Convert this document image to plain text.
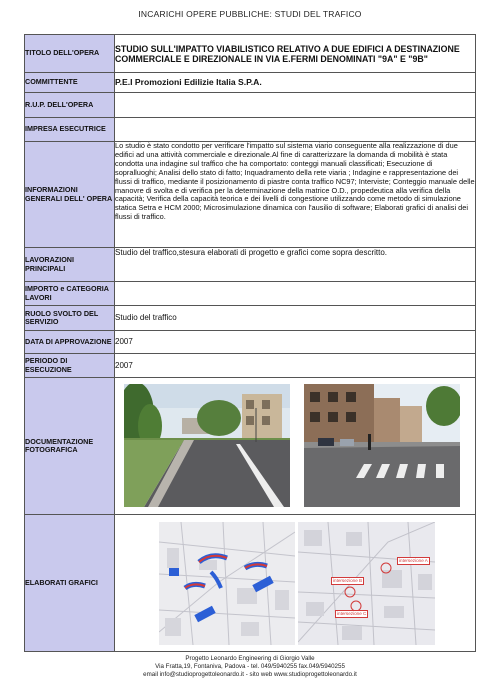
INCARICHI OPERE PUBBLICHE: STUDI DEL TRAFICO
TITOLO DELL'OPERA	STUDIO SULL'IMPATTO VIABILISTICO RELATIVO A DUE EDIFICI A DESTINAZIONE COMMERCIALE E DIREZIONALE IN VIA E.FERMI DENOMINATI "9A" E "9B"
COMMITTENTE	P.E.I Promozioni Edilizie Italia S.P.A.
R.U.P. DELL'OPERA	
IMPRESA ESECUTRICE	
INFORMAZIONI GENERALI DELL' OPERA	Lo studio è stato condotto per verificare l'impatto sul sistema viario conseguente alla realizzazione di due edifici ad una attività commerciale e direzionale.Al fine di caratterizzare la domanda di mobilità è stata condotta una indagine sul traffico che ha comportato: conteggi manuali classificati; Esecuzione di sopralluoghi; Analisi dello stato di fatto; Inquadramento della rete viaria ; Indagine e rappresentazione dei flussi di traffico, mediante il posizionamento di piastre conta traffico NC97; Interviste; Conteggio manuale delle manovre di svolta e di verifica per la determinazione della matrice O.D., propedeutica alla verifica della capacità; Verifica della capacità teorica e dei livelli di congestione utilizzando come metodo di simulazione statica Setra e HCM 2000; Microsimulazione dinamica con l'ausilio di software; Elaborati grafici di analisi dei flussi di traffico.

LAVORAZIONI PRINCIPALI	Studio del traffico,stesura elaborati di progetto e grafici come sopra descritto.
IMPORTO e CATEGORIA LAVORI	
RUOLO SVOLTO DEL SERVIZIO	Studio del traffico
DATA DI APPROVAZIONE	2007
PERIODO DI ESECUZIONE	2007
DOCUMENTAZIONE FOTOGRAFICA	

ELABORATI GRAFICI	intersezione A
intersezione B
intersezione C
Progetto Leonardo Engineering di Giorgio Valle
Via Fratta,19, Fontaniva, Padova - tel. 049/5940255 fax.049/5940255
email info@studioprogettoleonardo.it - sito web www.studioprogettoleonardo.it
